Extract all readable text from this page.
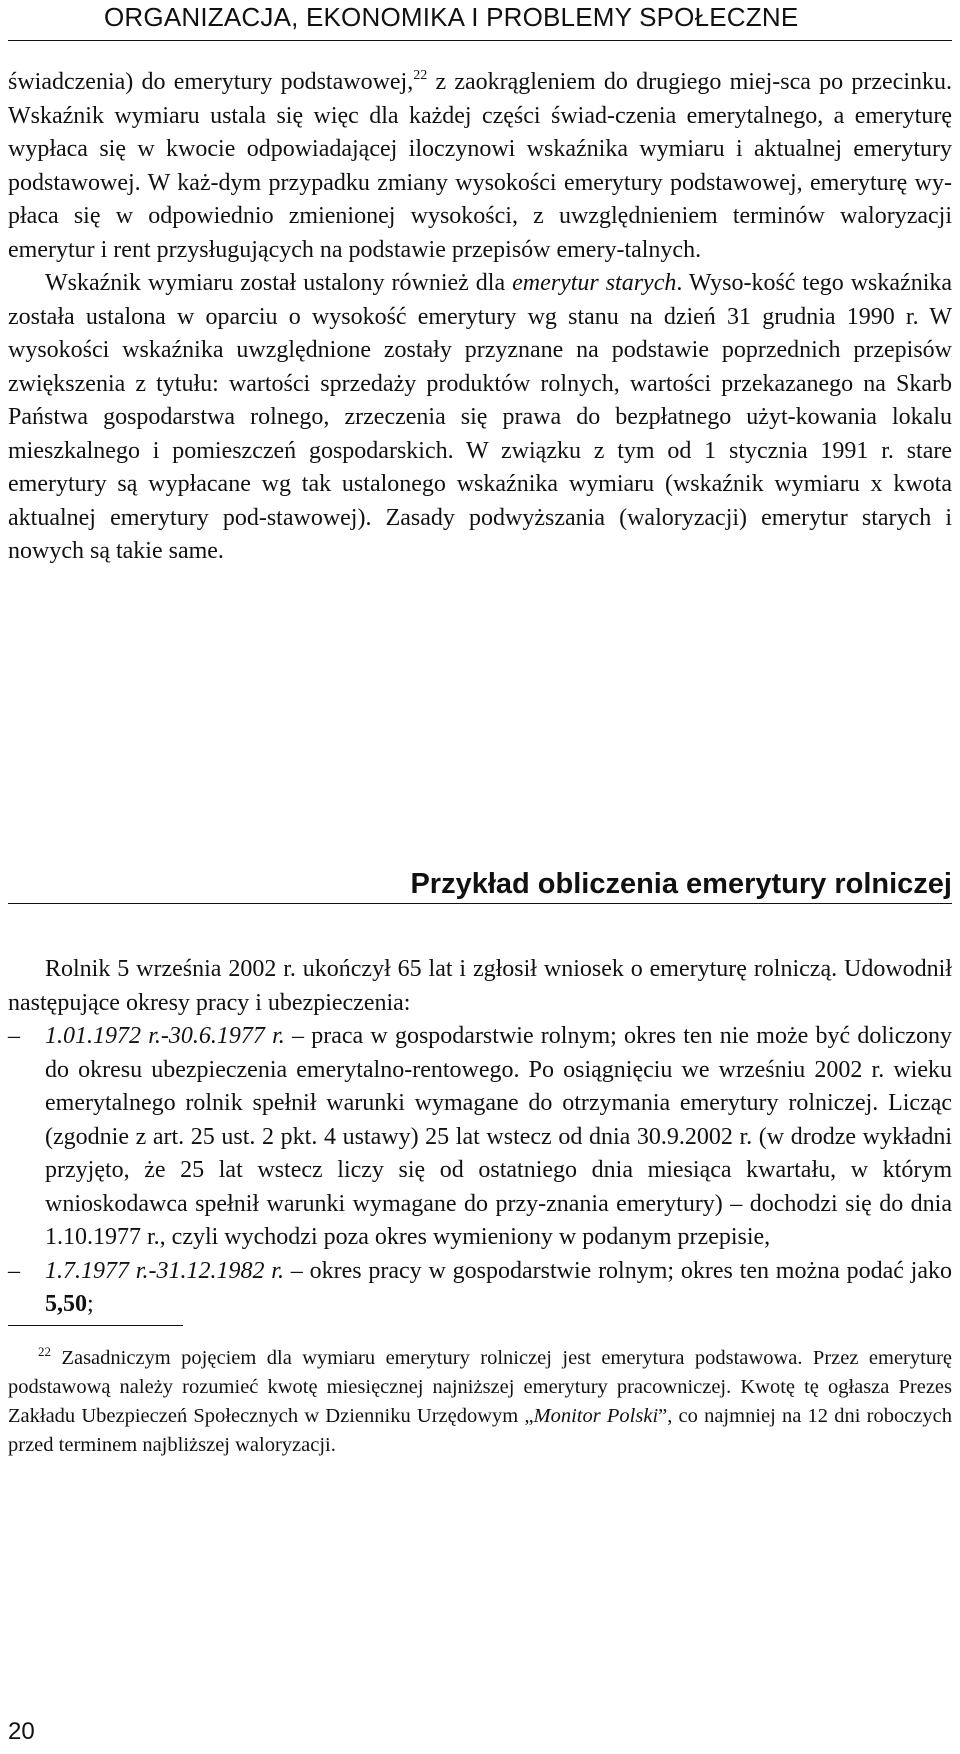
ORGANIZACJA, EKONOMIKA I PROBLEMY SPOŁECZNE

świadczenia) do emerytury podstawowej,$^{22}$ z zaokrągleniem do drugiego miej-sca po przecinku. Wskaźnik wymiaru ustala się więc dla każdej części świad-czenia emerytalnego, a emeryturę wypłaca się w kwocie odpowiadającej iloczynowi wskaźnika wymiaru i aktualnej emerytury podstawowej. W każ-dym przypadku zmiany wysokości emerytury podstawowej, emeryturę wy-płaca się w odpowiednio zmienionej wysokości, z uwzględnieniem terminów waloryzacji emerytur i rent przysługujących na podstawie przepisów emery-talnych.

Wskaźnik wymiaru został ustalony również dla emerytur starych. Wyso-kość tego wskaźnika została ustalona w oparciu o wysokość emerytury wg stanu na dzień 31 grudnia 1990 r. W wysokości wskaźnika uwzględnione zostały przyznane na podstawie poprzednich przepisów zwiększenia z tytułu: wartości sprzedaży produktów rolnych, wartości przekazanego na Skarb Państwa gospodarstwa rolnego, zrzeczenia się prawa do bezpłatnego użyt-kowania lokalu mieszkalnego i pomieszczeń gospodarskich. W związku z tym od 1 stycznia 1991 r. stare emerytury są wypłacane wg tak ustalonego wskaźnika wymiaru (wskaźnik wymiaru x kwota aktualnej emerytury pod-stawowej). Zasady podwyższania (waloryzacji) emerytur starych i nowych są takie same.

Przykład obliczenia emerytury rolniczej

Rolnik 5 września 2002 r. ukończył 65 lat i zgłosił wniosek o emeryturę rolniczą. Udowodnił następujące okresy pracy i ubezpieczenia:

– 1.01.1972 r.-30.6.1977 r. – praca w gospodarstwie rolnym; okres ten nie może być doliczony do okresu ubezpieczenia emerytalno-rentowego. Po osiągnięciu we wrześniu 2002 r. wieku emerytalnego rolnik spełnił warunki wymagane do otrzymania emerytury rolniczej. Licząc (zgodnie z art. 25 ust. 2 pkt. 4 ustawy) 25 lat wstecz od dnia 30.9.2002 r. (w drodze wykładni przyjęto, że 25 lat wstecz liczy się od ostatniego dnia miesiąca kwartału, w którym wnioskodawca spełnił warunki wymagane do przy-znania emerytury) – dochodzi się do dnia 1.10.1977 r., czyli wychodzi poza okres wymieniony w podanym przepisie,
– 1.7.1977 r.-31.12.1982 r. – okres pracy w gospodarstwie rolnym; okres ten można podać jako 5,50;
$^{22}$ Zasadniczym pojęciem dla wymiaru emerytury rolniczej jest emerytura podstawowa. Przez emeryturę podstawową należy rozumieć kwotę miesięcznej najniższej emerytury pracowniczej. Kwotę tę ogłasza Prezes Zakładu Ubezpieczeń Społecznych w Dzienniku Urzędowym „Monitor Polski”, co najmniej na 12 dni roboczych przed terminem najbliższej waloryzacji.
20
